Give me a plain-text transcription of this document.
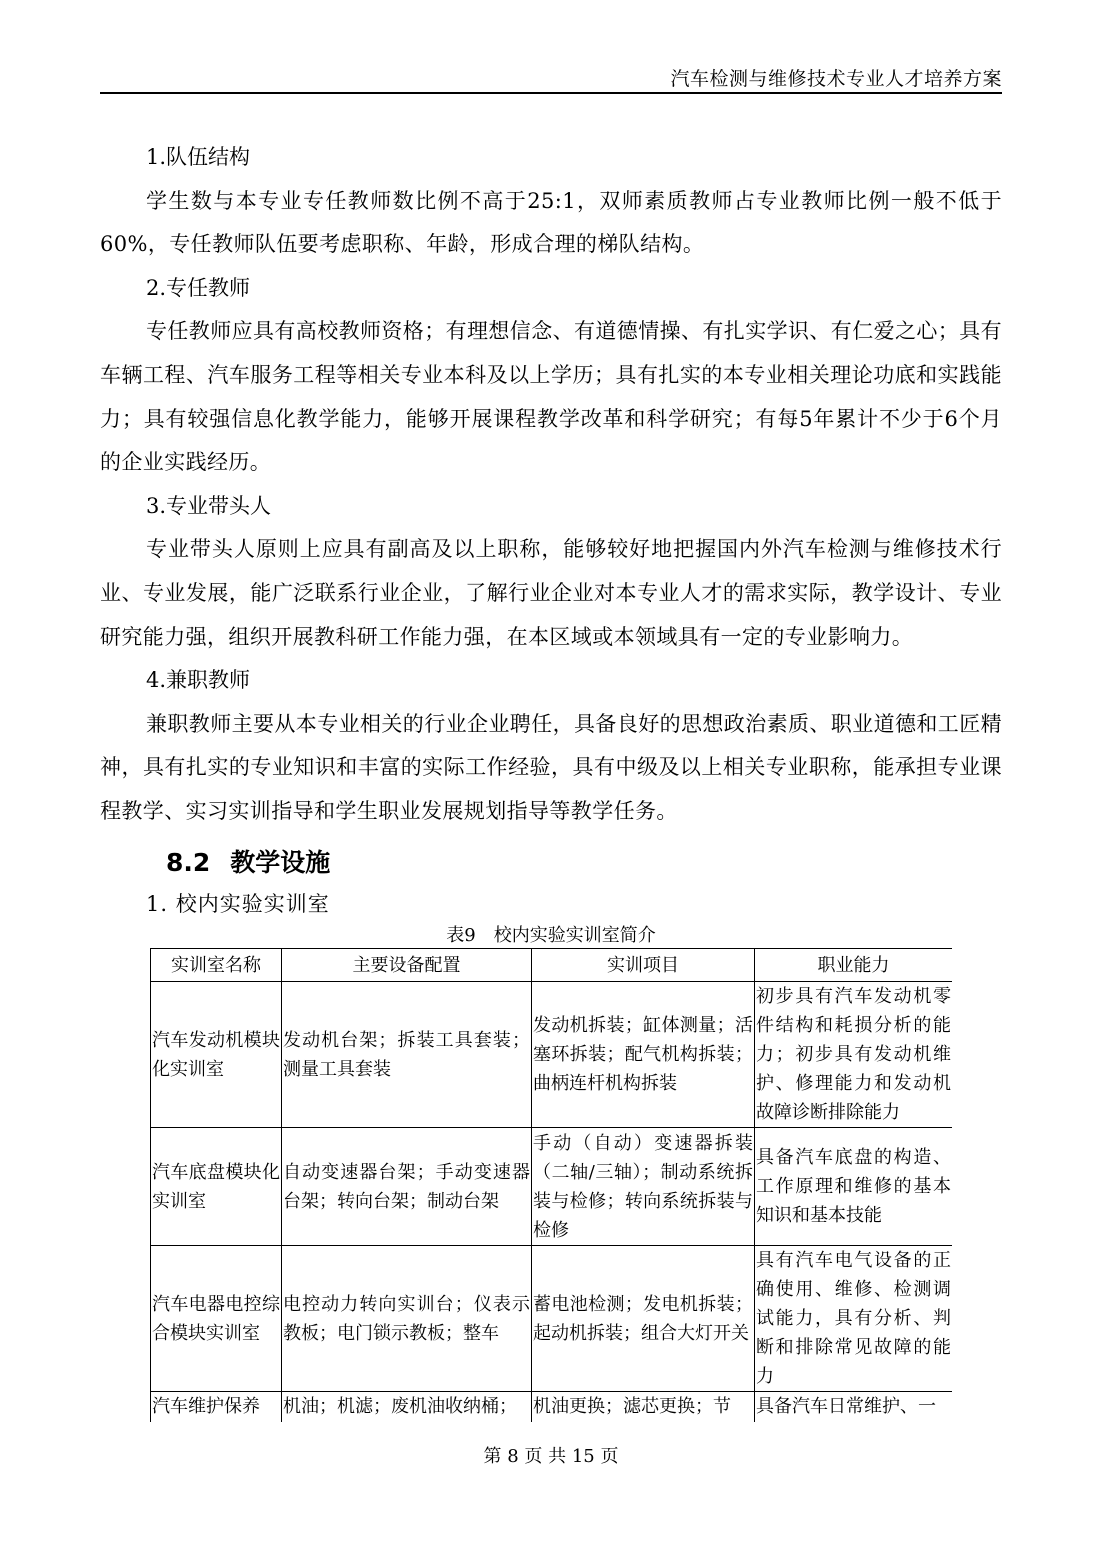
汽车检测与维修技术专业人才培养方案
1.队伍结构
学生数与本专业专任教师数比例不高于25:1，双师素质教师占专业教师比例一般不低于60%，专任教师队伍要考虑职称、年龄，形成合理的梯队结构。
2.专任教师
专任教师应具有高校教师资格；有理想信念、有道德情操、有扎实学识、有仁爱之心；具有车辆工程、汽车服务工程等相关专业本科及以上学历；具有扎实的本专业相关理论功底和实践能力；具有较强信息化教学能力，能够开展课程教学改革和科学研究；有每5年累计不少于6个月的企业实践经历。
3.专业带头人
专业带头人原则上应具有副高及以上职称，能够较好地把握国内外汽车检测与维修技术行业、专业发展，能广泛联系行业企业，了解行业企业对本专业人才的需求实际，教学设计、专业研究能力强，组织开展教科研工作能力强，在本区域或本领域具有一定的专业影响力。
4.兼职教师
兼职教师主要从本专业相关的行业企业聘任，具备良好的思想政治素质、职业道德和工匠精神，具有扎实的专业知识和丰富的实际工作经验，具有中级及以上相关专业职称，能承担专业课程教学、实习实训指导和学生职业发展规划指导等教学任务。
8.2 教学设施
1. 校内实验实训室
表9　校内实验实训室简介
实训室名称	主要设备配置	实训项目	职业能力
汽车发动机模块化实训室	发动机台架；拆装工具套装；测量工具套装	发动机拆装；缸体测量；活塞环拆装；配气机构拆装；曲柄连杆机构拆装	初步具有汽车发动机零件结构和耗损分析的能力；初步具有发动机维护、修理能力和发动机故障诊断排除能力
汽车底盘模块化实训室	自动变速器台架；手动变速器台架；转向台架；制动台架	手动（自动）变速器拆装（二轴/三轴）；制动系统拆装与检修；转向系统拆装与检修	具备汽车底盘的构造、工作原理和维修的基本知识和基本技能
汽车电器电控综合模块实训室	电控动力转向实训台；仪表示教板；电门锁示教板；整车	蓄电池检测；发电机拆装；起动机拆装；组合大灯开关	具有汽车电气设备的正确使用、维修、检测调试能力，具有分析、判断和排除常见故障的能力
汽车维护保养	机油；机滤；废机油收纳桶；	机油更换；滤芯更换；节	具备汽车日常维护、一
第 8 页 共 15 页
